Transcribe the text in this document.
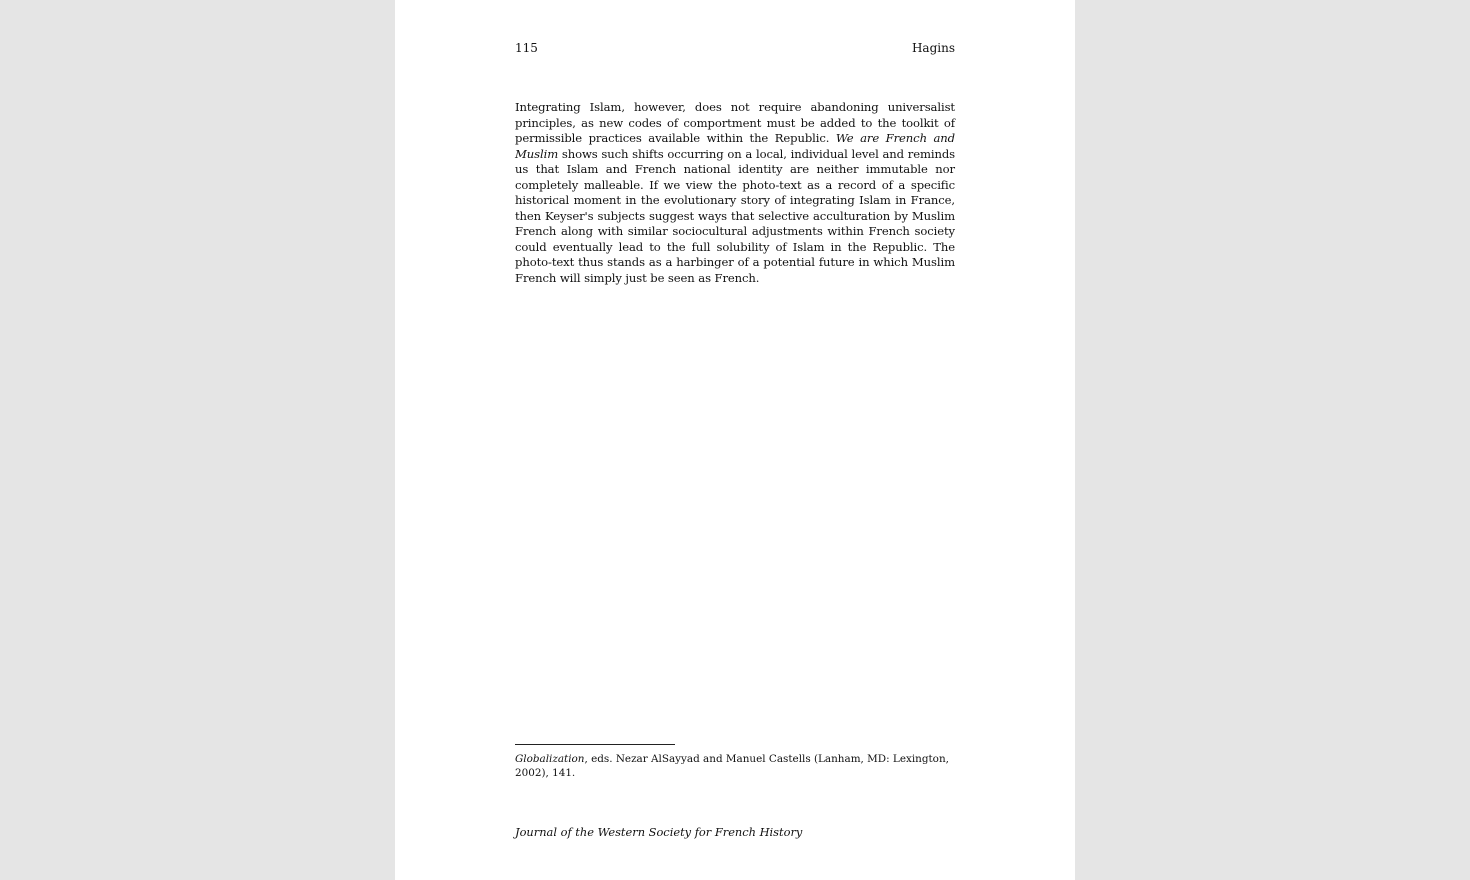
115	Hagins

Integrating Islam, however, does not require abandoning universalist principles, as new codes of comportment must be added to the toolkit of permissible practices available within the Republic. We are French and Muslim shows such shifts occurring on a local, individual level and reminds us that Islam and French national identity are neither immutable nor completely malleable. If we view the photo-text as a record of a specific historical moment in the evolutionary story of integrating Islam in France, then Keyser's subjects suggest ways that selective acculturation by Muslim French along with similar sociocultural adjustments within French society could eventually lead to the full solubility of Islam in the Republic. The photo-text thus stands as a harbinger of a potential future in which Muslim French will simply just be seen as French.

Globalization, eds. Nezar AlSayyad and Manuel Castells (Lanham, MD: Lexington, 2002), 141.

Journal of the Western Society for French History
